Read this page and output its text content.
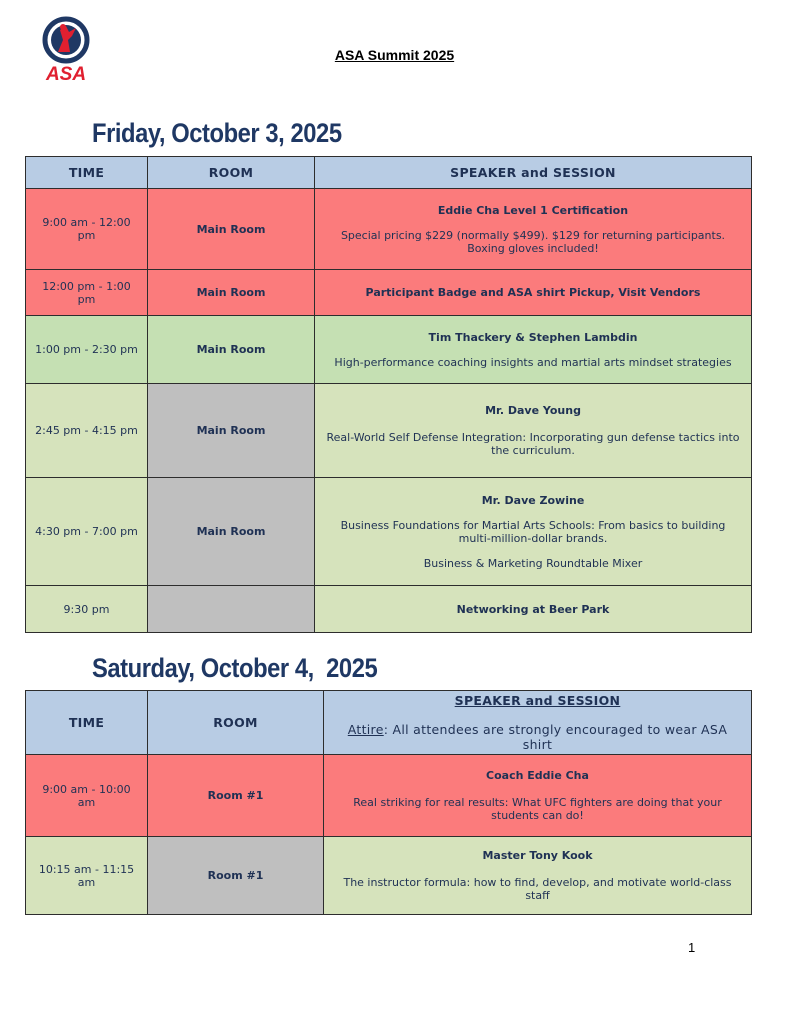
ASA
ASA Summit 2025
Friday, October 3, 2025
TIME	ROOM	SPEAKER and SESSION
9:00 am - 12:00 pm	Main Room	Eddie Cha Level 1 Certification
Special pricing $229 (normally $499). $129 for returning participants. Boxing gloves included!

12:00 pm - 1:00 pm	Main Room	Participant Badge and ASA shirt Pickup, Visit Vendors

1:00 pm - 2:30 pm	Main Room	Tim Thackery & Stephen Lambdin
High-performance coaching insights and martial arts mindset strategies

2:45 pm - 4:15 pm	Main Room	Mr. Dave Young
Real-World Self Defense Integration: Incorporating gun defense tactics into the curriculum.

4:30 pm - 7:00 pm	Main Room	Mr. Dave Zowine
Business Foundations for Martial Arts Schools: From basics to building multi-million-dollar brands.
Business & Marketing Roundtable Mixer

9:30 pm		Networking at Beer Park
Saturday, October 4,  2025
TIME	ROOM	SPEAKER and SESSION
Attire: All attendees are strongly encouraged to wear ASA shirt

9:00 am - 10:00 am	Room #1	Coach Eddie Cha
Real striking for real results: What UFC fighters are doing that your students can do!

10:15 am - 11:15 am	Room #1	Master Tony Kook
The instructor formula: how to find, develop, and motivate world-class staff
1
